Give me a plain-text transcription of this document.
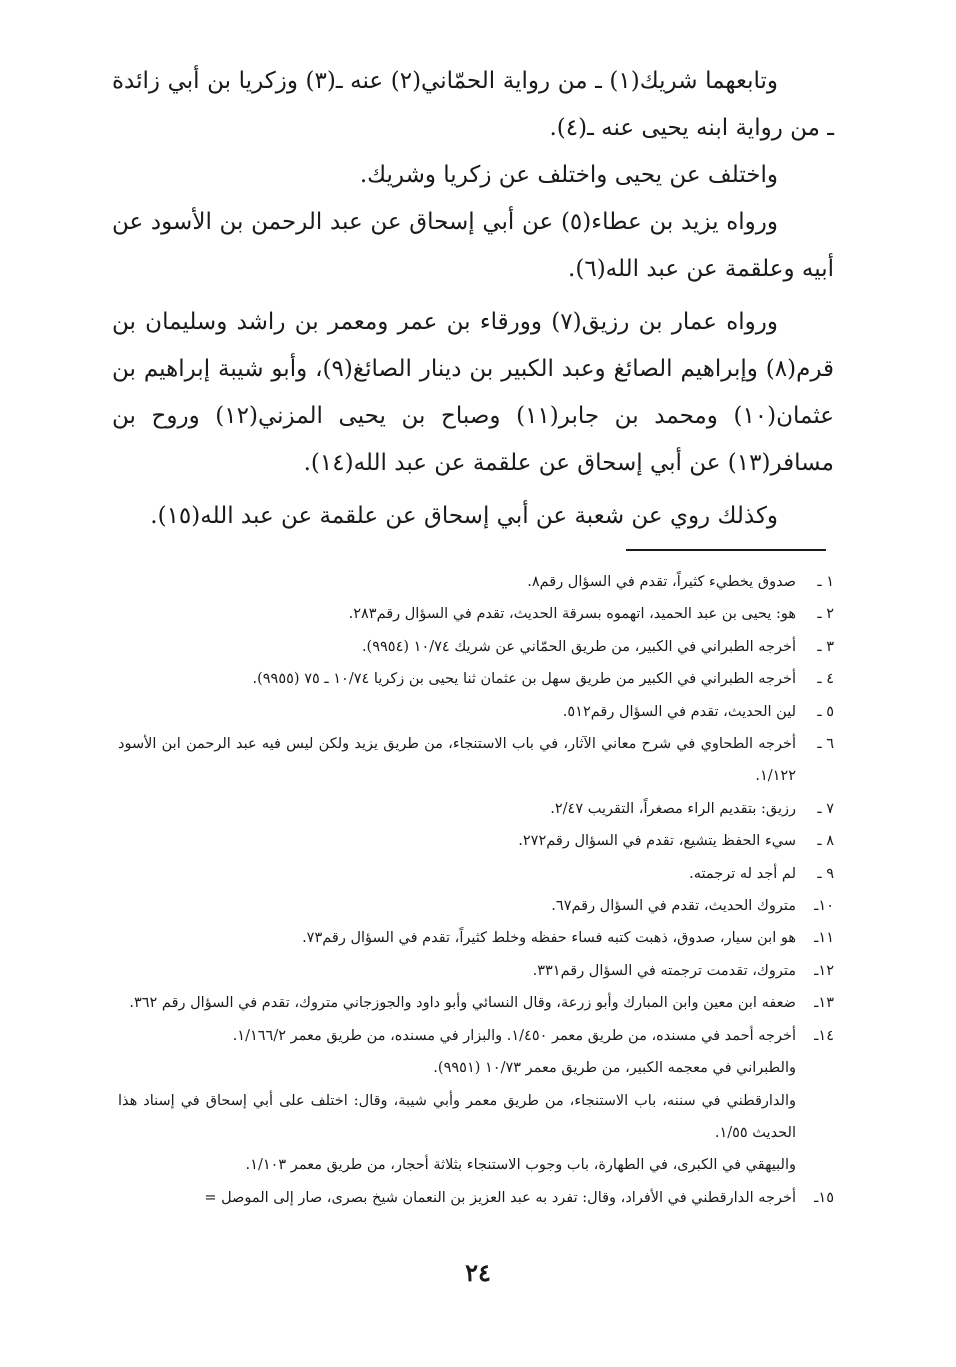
وتابعهما شريك(١) ـ من رواية الحمّاني(٢) عنه ـ(٣) وزكريا بن أبي زائدة ـ من رواية ابنه يحيى عنه ـ(٤).

واختلف عن يحيى واختلف عن زكريا وشريك.

ورواه يزيد بن عطاء(٥) عن أبي إسحاق عن عبد الرحمن بن الأسود عن أبيه وعلقمة عن عبد الله(٦).

ورواه عمار بن رزيق(٧) وورقاء بن عمر ومعمر بن راشد وسليمان بن قرم(٨) وإبراهيم الصائغ وعبد الكبير بن دينار الصائغ(٩)، وأبو شيبة إبراهيم بن عثمان(١٠) ومحمد بن جابر(١١) وصباح بن يحيى المزني(١٢) وروح بن مسافر(١٣) عن أبي إسحاق عن علقمة عن عبد الله(١٤).

وكذلك روي عن شعبة عن أبي إسحاق عن علقمة عن عبد الله(١٥).

١ ـ
صدوق يخطيء كثيراً، تقدم في السؤال رقم٨.
٢ ـ
هو: يحيى بن عبد الحميد، اتهموه بسرقة الحديث، تقدم في السؤال رقم٢٨٣.
٣ ـ
أخرجه الطبراني في الكبير، من طريق الحمّاني عن شريك ١٠/٧٤ (٩٩٥٤).
٤ ـ
أخرجه الطبراني في الكبير من طريق سهل بن عثمان ثنا يحيى بن زكريا ١٠/٧٤ ـ ٧٥ (٩٩٥٥).
٥ ـ
لين الحديث، تقدم في السؤال رقم٥١٢.
٦ ـ
أخرجه الطحاوي في شرح معاني الآثار، في باب الاستنجاء، من طريق يزيد ولكن ليس فيه عبد الرحمن ابن الأسود ١/١٢٢.
٧ ـ
رزيق: بتقديم الراء مصغراً، التقريب ٢/٤٧.
٨ ـ
سيء الحفظ يتشيع، تقدم في السؤال رقم٢٧٢.
٩ ـ
لم أجد له ترجمته.
١٠ـ
متروك الحديث، تقدم في السؤال رقم٦٧.
١١ـ
هو ابن سيار، صدوق، ذهبت كتبه فساء حفظه وخلط كثيراً، تقدم في السؤال رقم٧٣.
١٢ـ
متروك، تقدمت ترجمته في السؤال رقم٣٣١.
١٣ـ
ضعفه ابن معين وابن المبارك وأبو زرعة، وقال النسائي وأبو داود والجوزجاني متروك، تقدم في السؤال رقم ٣٦٢.
١٤ـ
أخرجه أحمد في مسنده، من طريق معمر ١/٤٥٠. والبزار في مسنده، من طريق معمر ١/١٦٦/٢.
والطبراني في معجمه الكبير، من طريق معمر ١٠/٧٣ (٩٩٥١).
والدارقطني في سننه، باب الاستنجاء، من طريق معمر وأبي شيبة، وقال: اختلف على أبي إسحاق في إسناد هذا الحديث ١/٥٥.
والبيهقي في الكبرى، في الطهارة، باب وجوب الاستنجاء بثلاثة أحجار، من طريق معمر ١/١٠٣.
١٥ـ
أخرجه الدارقطني في الأفراد، وقال: تفرد به عبد العزيز بن النعمان شيخ بصرى، صار إلى الموصل =
٢٤
